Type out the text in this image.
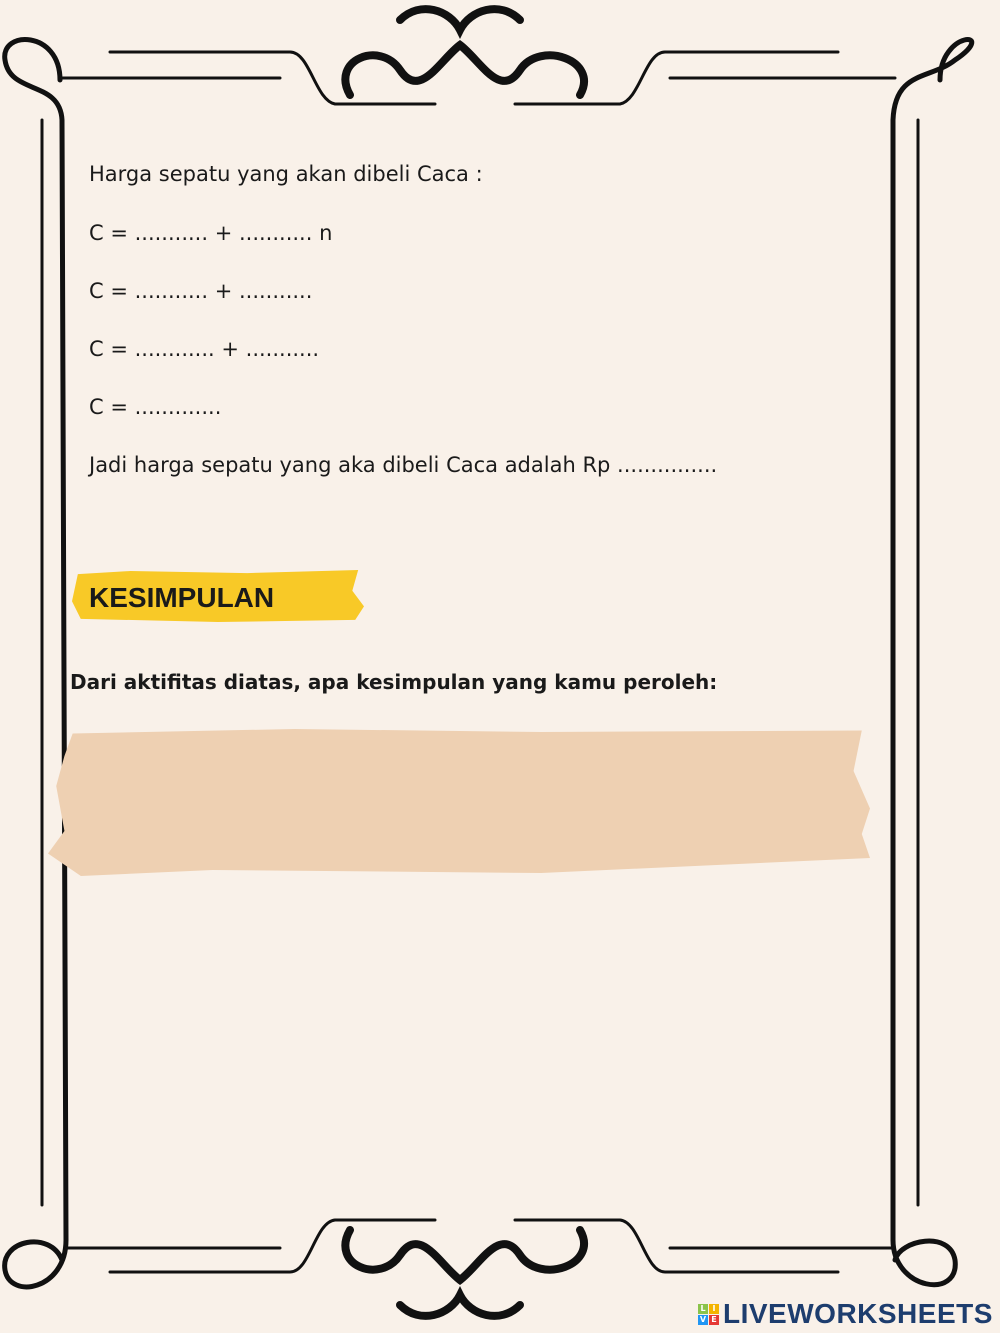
Harga sepatu yang akan dibeli Caca :
C = ........... + ........... n
C = ........... + ...........
C = ............ + ...........
C = .............
Jadi harga sepatu yang aka dibeli Caca adalah Rp ...............
KESIMPULAN
Dari aktifitas diatas, apa kesimpulan yang kamu peroleh:
L I
V E LIVEWORKSHEETS
